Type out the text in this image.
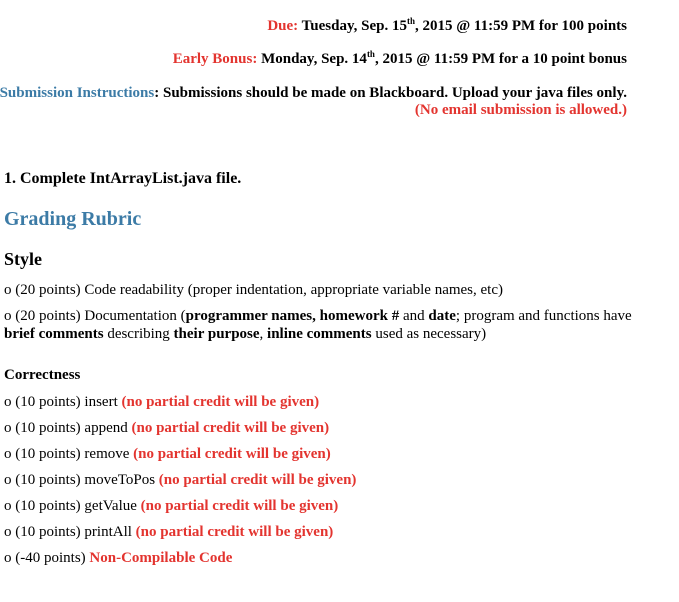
Due: Tuesday, Sep. 15th, 2015 @ 11:59 PM for 100 points
Early Bonus: Monday, Sep. 14th, 2015 @ 11:59 PM for a 10 point bonus
Submission Instructions: Submissions should be made on Blackboard. Upload your java files only.
(No email submission is allowed.)
1. Complete IntArrayList.java file.
Grading Rubric
Style
o (20 points) Code readability (proper indentation, appropriate variable names, etc)
o (20 points) Documentation (programmer names, homework # and date; program and functions have
brief comments describing their purpose, inline comments used as necessary)
Correctness
o (10 points) insert (no partial credit will be given)
o (10 points) append (no partial credit will be given)
o (10 points) remove (no partial credit will be given)
o (10 points) moveToPos (no partial credit will be given)
o (10 points) getValue (no partial credit will be given)
o (10 points) printAll (no partial credit will be given)
o (-40 points) Non-Compilable Code
